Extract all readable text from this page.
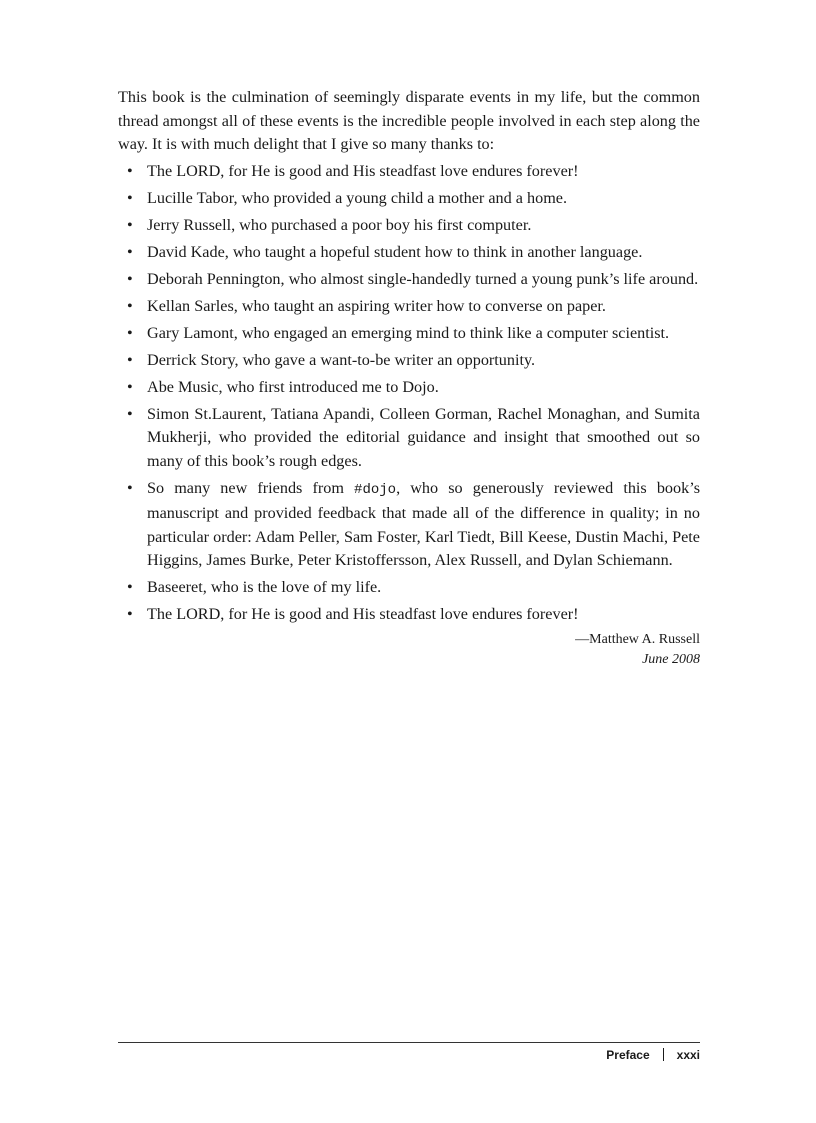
This book is the culmination of seemingly disparate events in my life, but the common thread amongst all of these events is the incredible people involved in each step along the way. It is with much delight that I give so many thanks to:

• The LORD, for He is good and His steadfast love endures forever!
• Lucille Tabor, who provided a young child a mother and a home.
• Jerry Russell, who purchased a poor boy his first computer.
• David Kade, who taught a hopeful student how to think in another language.
• Deborah Pennington, who almost single-handedly turned a young punk’s life around.
• Kellan Sarles, who taught an aspiring writer how to converse on paper.
• Gary Lamont, who engaged an emerging mind to think like a computer scientist.
• Derrick Story, who gave a want-to-be writer an opportunity.
• Abe Music, who first introduced me to Dojo.
• Simon St.Laurent, Tatiana Apandi, Colleen Gorman, Rachel Monaghan, and Sumita Mukherji, who provided the editorial guidance and insight that smoothed out so many of this book’s rough edges.
• So many new friends from #dojo, who so generously reviewed this book’s manuscript and provided feedback that made all of the difference in quality; in no particular order: Adam Peller, Sam Foster, Karl Tiedt, Bill Keese, Dustin Machi, Pete Higgins, James Burke, Peter Kristoffersson, Alex Russell, and Dylan Schiemann.
• Baseeret, who is the love of my life.
• The LORD, for He is good and His steadfast love endures forever!
—Matthew A. Russell
June 2008
Preface xxxi
